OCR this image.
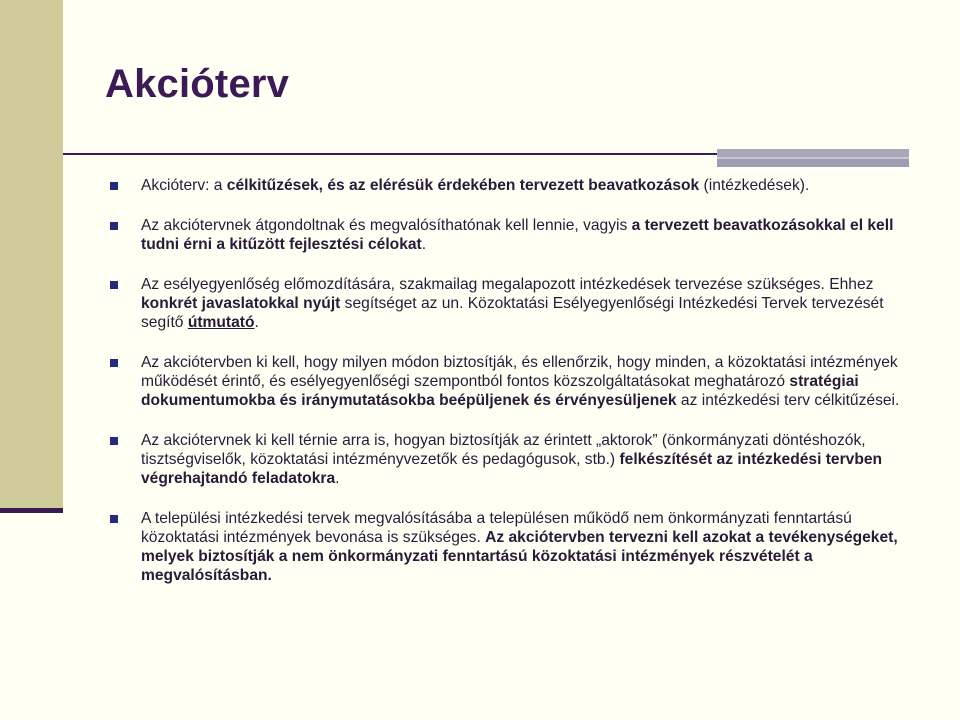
Akcióterv
Akcióterv: a célkitűzések, és az elérésük érdekében tervezett beavatkozások (intézkedések).
Az akciótervnek átgondoltnak és megvalósíthatónak kell lennie, vagyis a tervezett beavatkozásokkal el kell tudni érni a kitűzött fejlesztési célokat.
Az esélyegyenlőség előmozdítására, szakmailag megalapozott intézkedések tervezése szükséges. Ehhez konkrét javaslatokkal nyújt segítséget az un. Közoktatási Esélyegyenlőségi Intézkedési Tervek tervezését segítő útmutató.
Az akciótervben ki kell, hogy milyen módon biztosítják, és ellenőrzik, hogy minden, a közoktatási intézmények működését érintő, és esélyegyenlőségi szempontból fontos közszolgáltatásokat meghatározó stratégiai dokumentumokba és iránymutatásokba beépüljenek és érvényesüljenek az intézkedési terv célkitűzései.
Az akciótervnek ki kell térnie arra is, hogyan biztosítják az érintett „aktorok” (önkormányzati döntéshozók, tisztségviselők, közoktatási intézményvezetők és pedagógusok, stb.) felkészítését az intézkedési tervben végrehajtandó feladatokra.
A települési intézkedési tervek megvalósításába a településen működő nem önkormányzati fenntartású közoktatási intézmények bevonása is szükséges. Az akciótervben tervezni kell azokat a tevékenységeket, melyek biztosítják a nem önkormányzati fenntartású közoktatási intézmények részvételét a megvalósításban.
